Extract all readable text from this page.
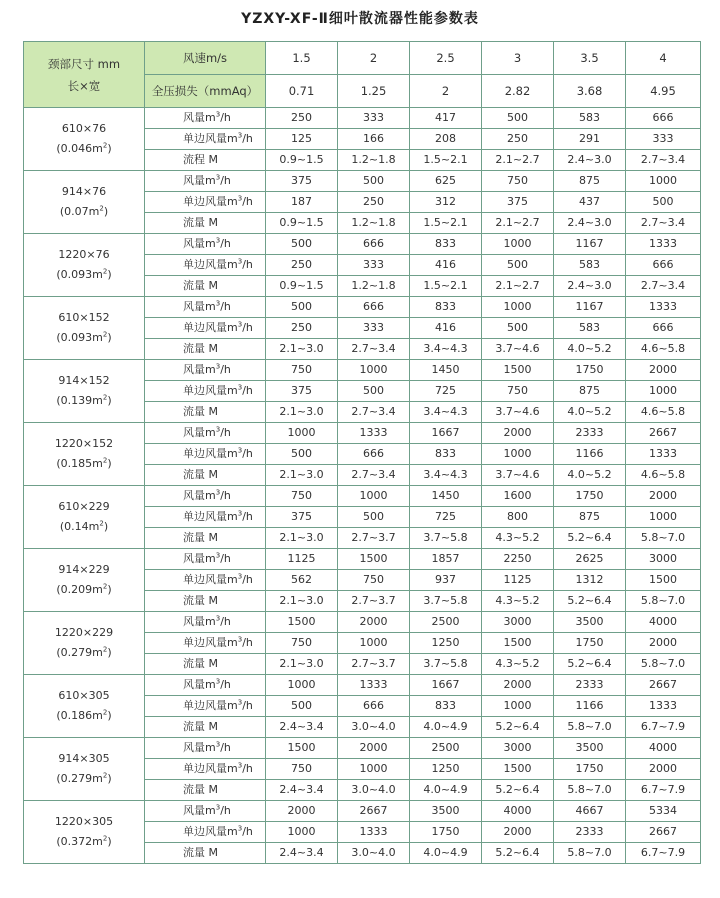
YZXY-XF-Ⅱ细叶散流器性能参数表
颈部尺寸 mm
长×宽	风速m/s	1.5	2	2.5	3	3.5	4
	全压损失（mmAq）	0.71	1.25	2	2.82	3.68	4.95

610×76
$(0.046m^2)$	风量$m^3/h$	250	333	417	500	583	666
	单边风量$m^3/h$	125	166	208	250	291	333
	流程 M	0.9~1.5	1.2~1.8	1.5~2.1	2.1~2.7	2.4~3.0	2.7~3.4

914×76
$(0.07m^2)$	风量$m^3/h$	375	500	625	750	875	1000
	单边风量$m^3/h$	187	250	312	375	437	500
	流量 M	0.9~1.5	1.2~1.8	1.5~2.1	2.1~2.7	2.4~3.0	2.7~3.4

1220×76
$(0.093m^2)$	风量$m^3/h$	500	666	833	1000	1167	1333
	单边风量$m^3/h$	250	333	416	500	583	666
	流量 M	0.9~1.5	1.2~1.8	1.5~2.1	2.1~2.7	2.4~3.0	2.7~3.4

610×152
$(0.093m^2)$	风量$m^3/h$	500	666	833	1000	1167	1333
	单边风量$m^3/h$	250	333	416	500	583	666
	流量 M	2.1~3.0	2.7~3.4	3.4~4.3	3.7~4.6	4.0~5.2	4.6~5.8

914×152
$(0.139m^2)$	风量$m^3/h$	750	1000	1450	1500	1750	2000
	单边风量$m^3/h$	375	500	725	750	875	1000
	流量 M	2.1~3.0	2.7~3.4	3.4~4.3	3.7~4.6	4.0~5.2	4.6~5.8

1220×152
$(0.185m^2)$	风量$m^3/h$	1000	1333	1667	2000	2333	2667
	单边风量$m^3/h$	500	666	833	1000	1166	1333
	流量 M	2.1~3.0	2.7~3.4	3.4~4.3	3.7~4.6	4.0~5.2	4.6~5.8

610×229
$(0.14m^2)$	风量$m^3/h$	750	1000	1450	1600	1750	2000
	单边风量$m^3/h$	375	500	725	800	875	1000
	流量 M	2.1~3.0	2.7~3.7	3.7~5.8	4.3~5.2	5.2~6.4	5.8~7.0

914×229
$(0.209m^2)$	风量$m^3/h$	1125	1500	1857	2250	2625	3000
	单边风量$m^3/h$	562	750	937	1125	1312	1500
	流量 M	2.1~3.0	2.7~3.7	3.7~5.8	4.3~5.2	5.2~6.4	5.8~7.0

1220×229
$(0.279m^2)$	风量$m^3/h$	1500	2000	2500	3000	3500	4000
	单边风量$m^3/h$	750	1000	1250	1500	1750	2000
	流量 M	2.1~3.0	2.7~3.7	3.7~5.8	4.3~5.2	5.2~6.4	5.8~7.0

610×305
$(0.186m^2)$	风量$m^3/h$	1000	1333	1667	2000	2333	2667
	单边风量$m^3/h$	500	666	833	1000	1166	1333
	流量 M	2.4~3.4	3.0~4.0	4.0~4.9	5.2~6.4	5.8~7.0	6.7~7.9

914×305
$(0.279m^2)$	风量$m^3/h$	1500	2000	2500	3000	3500	4000
	单边风量$m^3/h$	750	1000	1250	1500	1750	2000
	流量 M	2.4~3.4	3.0~4.0	4.0~4.9	5.2~6.4	5.8~7.0	6.7~7.9

1220×305
$(0.372m^2)$	风量$m^3/h$	2000	2667	3500	4000	4667	5334
	单边风量$m^3/h$	1000	1333	1750	2000	2333	2667
	流量 M	2.4~3.4	3.0~4.0	4.0~4.9	5.2~6.4	5.8~7.0	6.7~7.9
